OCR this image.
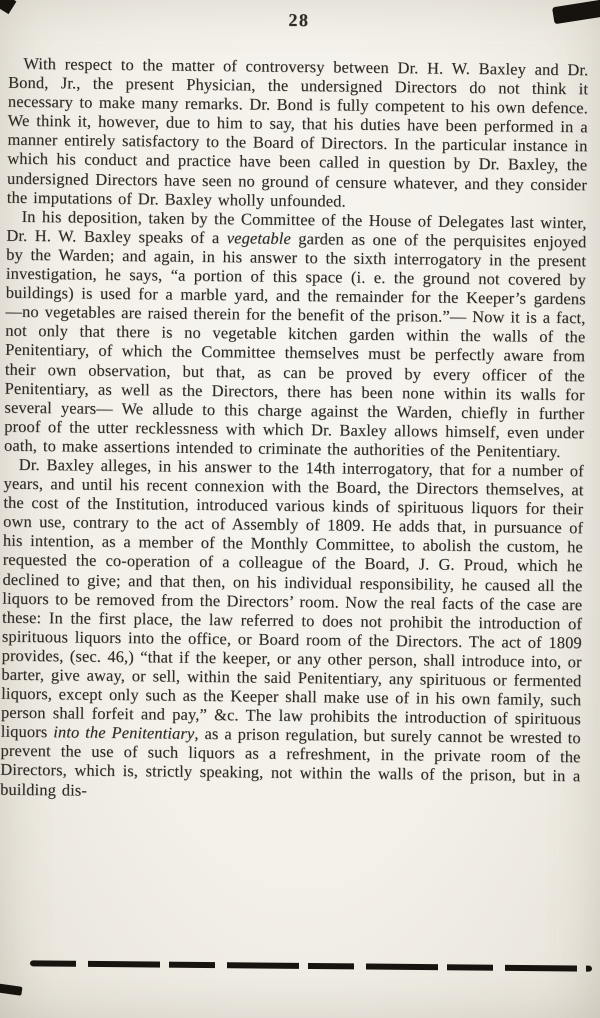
28

With respect to the matter of controversy between Dr. H. W. Baxley and Dr. Bond, Jr., the present Physician, the undersigned Directors do not think it necessary to make many remarks. Dr. Bond is fully competent to his own defence. We think it, however, due to him to say, that his duties have been performed in a manner entirely satisfactory to the Board of Directors. In the particular instance in which his conduct and practice have been called in question by Dr. Baxley, the undersigned Directors have seen no ground of censure whatever, and they consider the imputations of Dr. Baxley wholly unfounded.

In his deposition, taken by the Committee of the House of Delegates last winter, Dr. H. W. Baxley speaks of a vegetable garden as one of the perquisites enjoyed by the Warden; and again, in his answer to the sixth interrogatory in the present investigation, he says, “a portion of this space (i. e. the ground not covered by buildings) is used for a marble yard, and the remainder for the Keeper’s gardens —no vegetables are raised therein for the benefit of the prison.”— Now it is a fact, not only that there is no vegetable kitchen garden within the walls of the Penitentiary, of which the Committee themselves must be perfectly aware from their own observation, but that, as can be proved by every officer of the Penitentiary, as well as the Directors, there has been none within its walls for several years— We allude to this charge against the Warden, chiefly in further proof of the utter recklessness with which Dr. Baxley allows himself, even under oath, to make assertions intended to criminate the authorities of the Penitentiary.

Dr. Baxley alleges, in his answer to the 14th interrogatory, that for a number of years, and until his recent connexion with the Board, the Directors themselves, at the cost of the Institution, introduced various kinds of spirituous liquors for their own use, contrary to the act of Assembly of 1809. He adds that, in pursuance of his intention, as a member of the Monthly Committee, to abolish the custom, he requested the co-operation of a colleague of the Board, J. G. Proud, which he declined to give; and that then, on his individual responsibility, he caused all the liquors to be removed from the Directors’ room. Now the real facts of the case are these: In the first place, the law referred to does not prohibit the introduction of spirituous liquors into the office, or Board room of the Directors. The act of 1809 provides, (sec. 46,) “that if the keeper, or any other person, shall introduce into, or barter, give away, or sell, within the said Penitentiary, any spirituous or fermented liquors, except only such as the Keeper shall make use of in his own family, such person shall forfeit and pay,” &c. The law prohibits the introduction of spirituous liquors into the Penitentiary, as a prison regulation, but surely cannot be wrested to prevent the use of such liquors as a refreshment, in the private room of the Directors, which is, strictly speaking, not within the walls of the prison, but in a building dis-
